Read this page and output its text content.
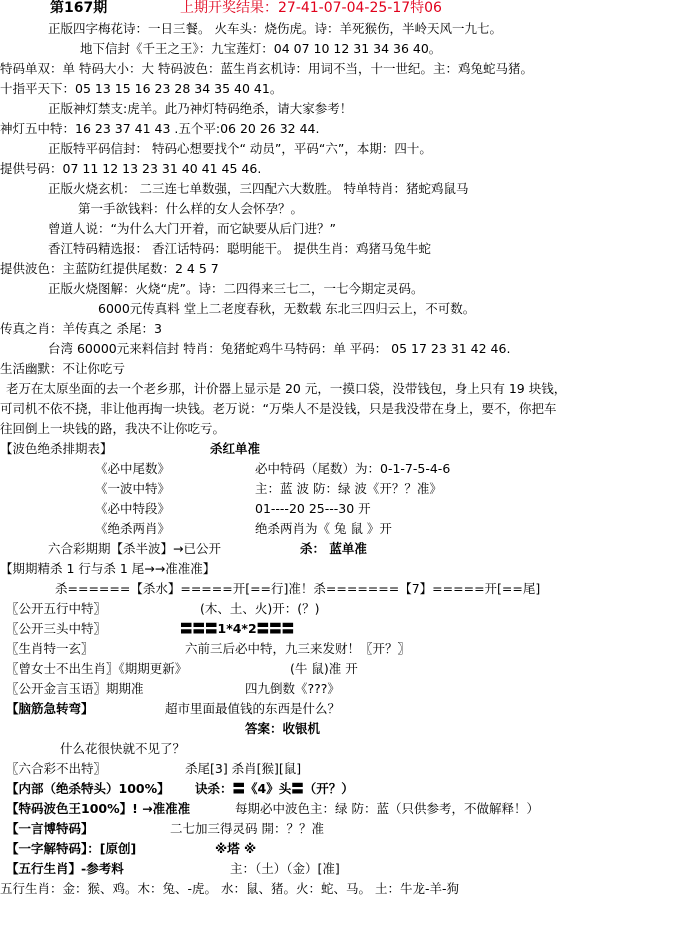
第167期	上期开奖结果：27-41-07-04-25-17特06
正版四字梅花诗：一日三餐。 火车头：烧伤虎。诗：羊死猴伤，半岭天风一九七。
地下信封《千王之王》：九宝莲灯：04 07 10 12 31 34 36 40。
特码单双：单 特码大小：大 特码波色：蓝生肖玄机诗：用词不当，十一世纪。主：鸡兔蛇马猪。
十指平天下：05 13 15 16 23 28 34 35 40 41。
正版神灯禁支:虎羊。此乃神灯特码绝杀，请大家参考！
神灯五中特：16 23 37 41 43 .五个平:06 20 26 32 44.
正版特平码信封： 特码心想要找个“ 动员”，平码“六”，本期：四十。
提供号码：07 11 12 13 23 31 40 41 45 46.
正版火烧玄机： 二三连七单数强，三四配六大数胜。 特单特肖：猪蛇鸡鼠马
第一手欲钱料：什么样的女人会怀孕？。
曾道人说：“为什么大门开着，而它缺要从后门进？”
香江特码精选报： 香江话特码：聪明能干。 提供生肖：鸡猪马兔牛蛇
提供波色：主蓝防红提供尾数：2 4 5 7
正版火烧图解：火烧“虎”。诗：二四得来三七二，一七今期定灵码。
6000元传真料 堂上二老度春秋，无数载 东北三四归云上，不可数。
传真之肖：羊传真之 杀尾：3
台湾 60000元来料信封 特肖：兔猪蛇鸡牛马特码：单 平码： 05 17 23 31 42 46.
生活幽默：不让你吃亏
老万在太原坐面的去一个老乡那，计价器上显示是 20 元，一摸口袋，没带钱包，身上只有 19 块钱，
可司机不依不挠，非让他再掏一块钱。老万说：“万柴人不是没钱，只是我没带在身上，要不，你把车
往回倒上一块钱的路，我决不让你吃亏。
【波色绝杀排期表】	杀红单准
《必中尾数》	必中特码（尾数）为：0-1-7-5-4-6
《一波中特》	主：蓝 波 防：绿 波《开？？准》
《必中特段》	01----20 25---30 开
《绝杀两肖》	绝杀两肖为《 兔 鼠 》开
六合彩期期【杀半波】→已公开	杀： 蓝单准
【期期精杀 1 行与杀 1 尾→→准准准】
杀======【杀水】=====开[==行]准！杀=======【7】=====开[==尾]
〖公开五行中特〗	(木、土、火)开：(？)
〖公开三头中特〗	〓〓〓1*4*2〓〓〓
〖生肖特一玄〗	六前三后必中特，九三来发财！〖开？〗
〖曾女士不出生肖〗《期期更新》	(牛 鼠)准 开
〖公开金言玉语〗期期准	四九倒数《???》
【脑筋急转弯】	超市里面最值钱的东西是什么？
答案：收银机
什么花很快就不见了？
〖六合彩不出特〗	杀尾[3] 杀肖[猴][鼠]
【内部（绝杀特头）100%】 诀杀：〓《4》头〓（开？）
【特码波色王100%】! →准准准	每期必中波色主：绿 防：蓝（只供参考，不做解释！）
【一言博特码】	二七加三得灵码 開：？？准
【一字解特码】：[原创]	※塔 ※
【五行生肖】-参考料	主：（土）（金）[准]
五行生肖：金：猴、鸡。木：兔、-虎。 水：鼠、猪。火：蛇、马。 土：牛龙-羊-狗
